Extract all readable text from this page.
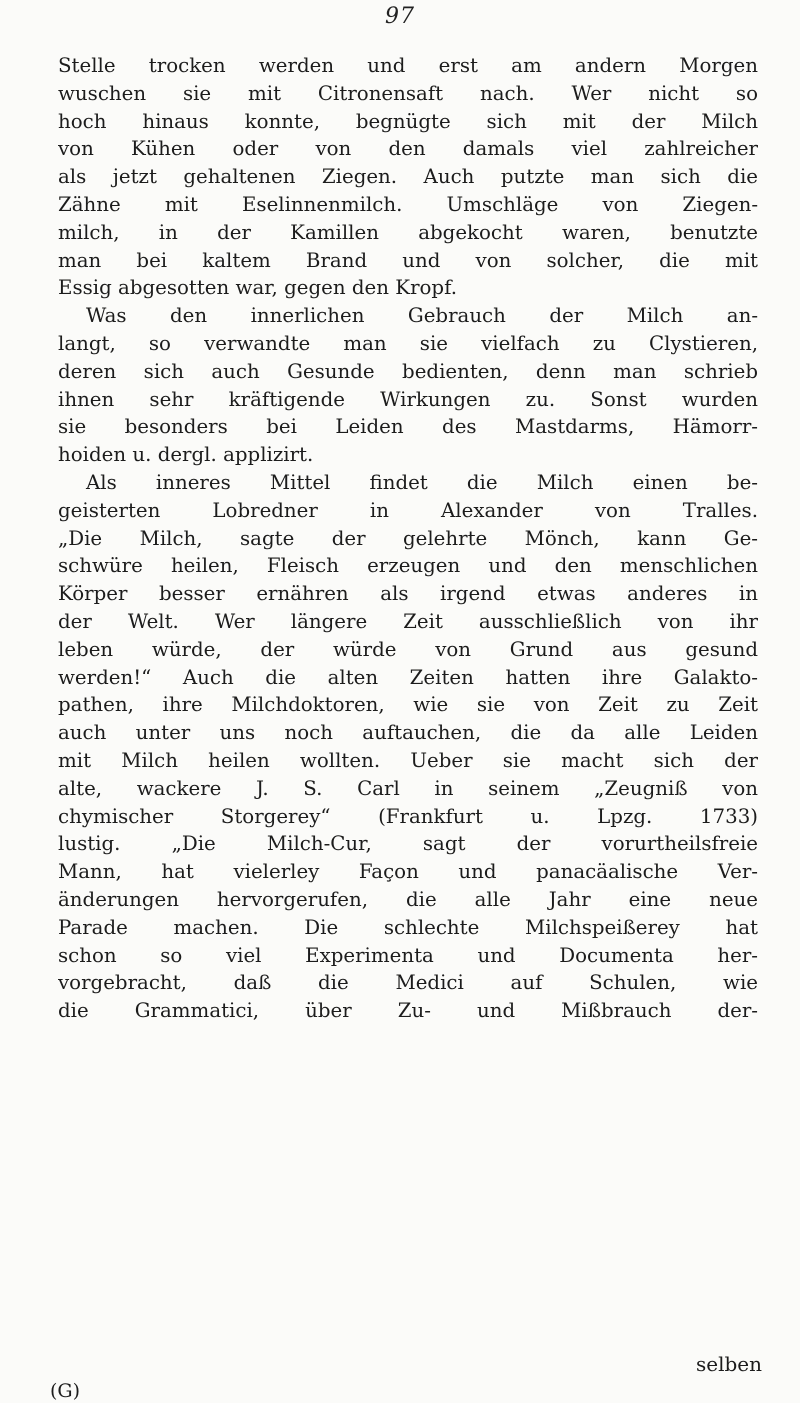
97
Stelle trocken werden und erst am andern Morgen
wuschen sie mit Citronensaft nach. Wer nicht so
hoch hinaus konnte, begnügte sich mit der Milch
von Kühen oder von den damals viel zahlreicher
als jetzt gehaltenen Ziegen. Auch putzte man sich die
Zähne mit Eselinnenmilch. Umschläge von Ziegen-
milch, in der Kamillen abgekocht waren, benutzte
man bei kaltem Brand und von solcher, die mit
Essig abgesotten war, gegen den Kropf.
Was den innerlichen Gebrauch der Milch an-
langt, so verwandte man sie vielfach zu Clystieren,
deren sich auch Gesunde bedienten, denn man schrieb
ihnen sehr kräftigende Wirkungen zu. Sonst wurden
sie besonders bei Leiden des Mastdarms, Hämorr-
hoiden u. dergl. applizirt.
Als inneres Mittel findet die Milch einen be-
geisterten Lobredner in Alexander von Tralles.
„Die Milch, sagte der gelehrte Mönch, kann Ge-
schwüre heilen, Fleisch erzeugen und den menschlichen
Körper besser ernähren als irgend etwas anderes in
der Welt. Wer längere Zeit ausschließlich von ihr
leben würde, der würde von Grund aus gesund
werden!“ Auch die alten Zeiten hatten ihre Galakto-
pathen, ihre Milchdoktoren, wie sie von Zeit zu Zeit
auch unter uns noch auftauchen, die da alle Leiden
mit Milch heilen wollten. Ueber sie macht sich der
alte, wackere J. S. Carl in seinem „Zeugniß von
chymischer Storgerey“ (Frankfurt u. Lpzg. 1733)
lustig. „Die Milch-Cur, sagt der vorurtheilsfreie
Mann, hat vielerley Façon und panacäalische Ver-
änderungen hervorgerufen, die alle Jahr eine neue
Parade machen. Die schlechte Milchspeißerey hat
schon so viel Experimenta und Documenta her-
vorgebracht, daß die Medici auf Schulen, wie
die Grammatici, über Zu- und Mißbrauch der-
selben
(G)
